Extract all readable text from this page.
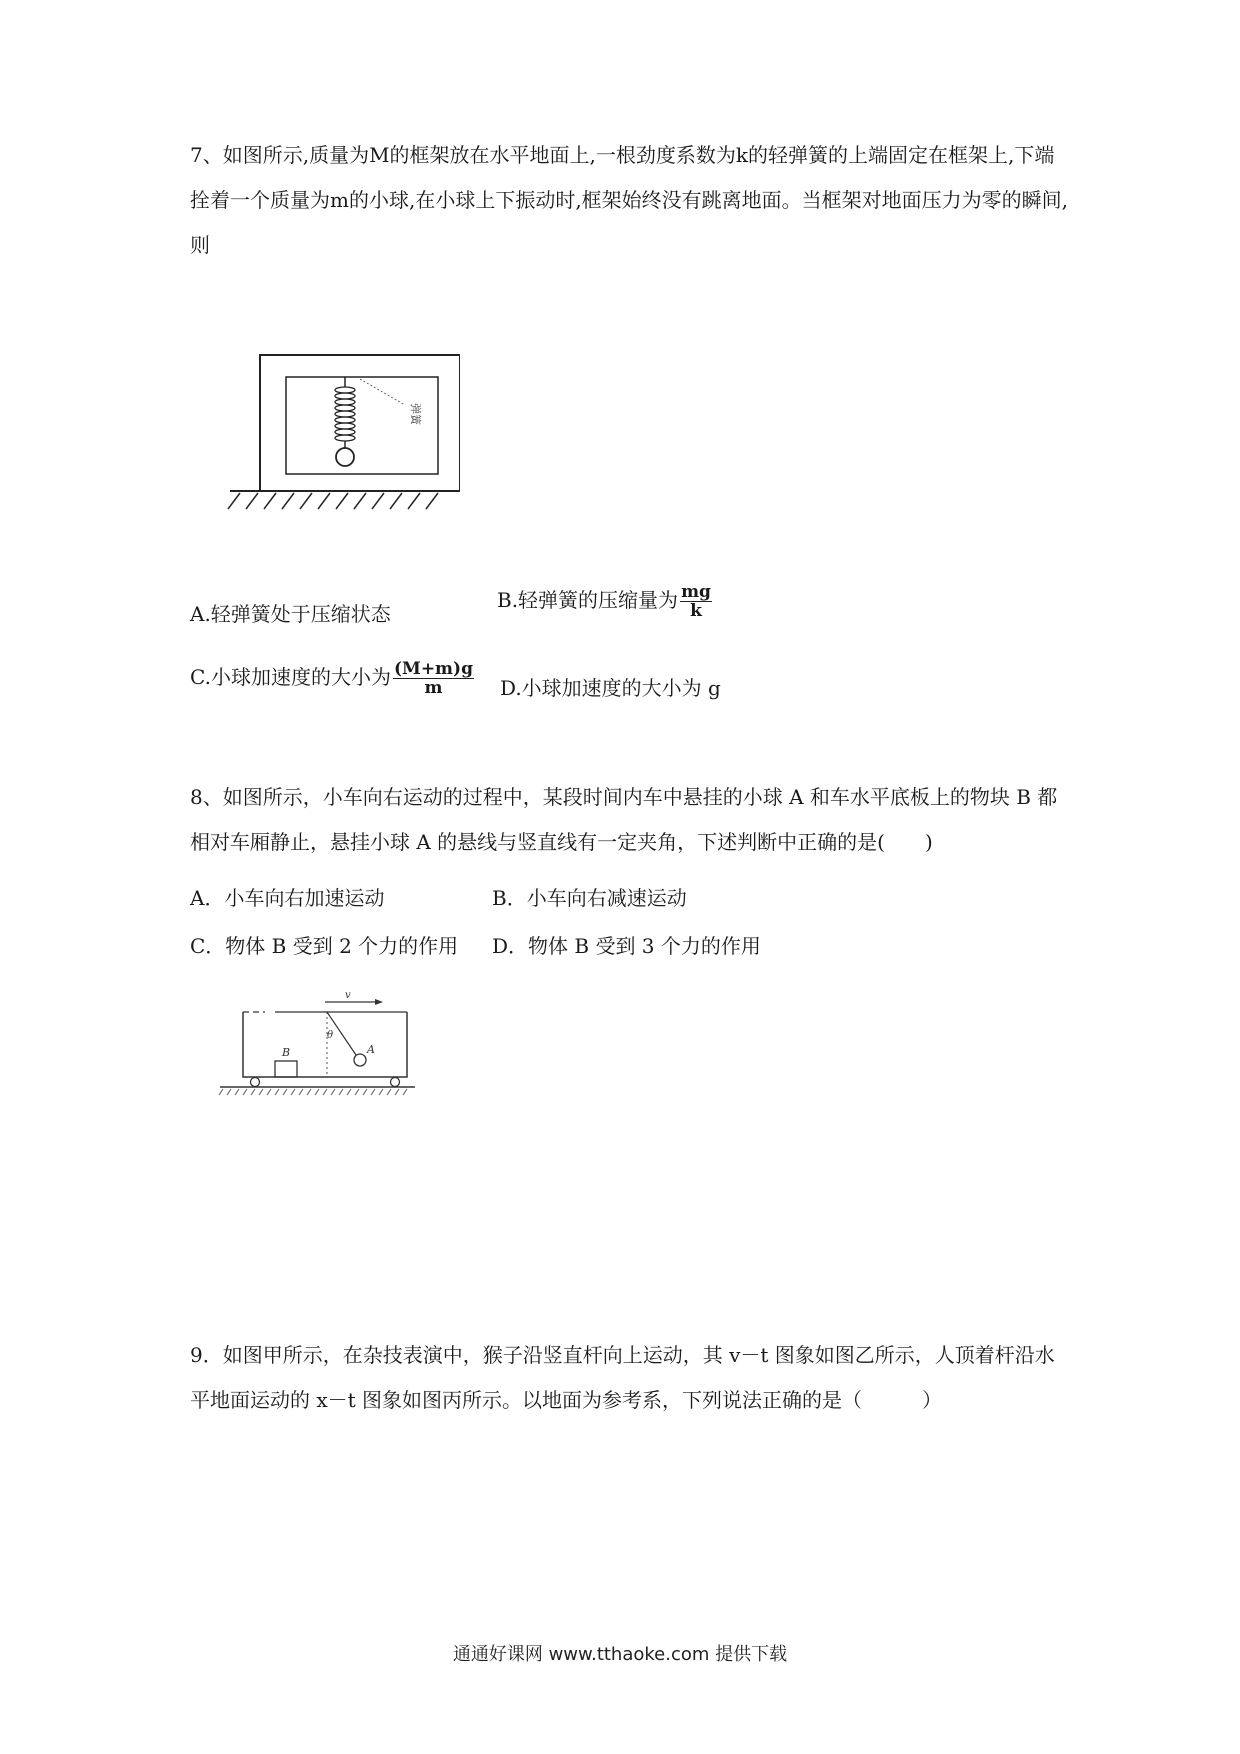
7、如图所示,质量为M的框架放在水平地面上,一根劲度系数为k的轻弹簧的上端固定在框架上,下端拴着一个质量为m的小球,在小球上下振动时,框架始终没有跳离地面。当框架对地面压力为零的瞬间,则
弹簧
A.轻弹簧处于压缩状态
B.轻弹簧的压缩量为 $\frac{mg}{k}$
C.小球加速度的大小为 $\frac{(M+m)g}{m} D$.小球加速度的大小为 g
8、如图所示，小车向右运动的过程中，某段时间内车中悬挂的小球 A 和车水平底板上的物块 B 都相对车厢静止，悬挂小球 A 的悬线与竖直线有一定夹角，下述判断中正确的是(　　)
A．小车向右加速运动	B．小车向右减速运动
C．物体 B 受到 2 个力的作用 D．物体 B 受到 3 个力的作用
v
θ
A
B
9．如图甲所示，在杂技表演中，猴子沿竖直杆向上运动，其 v－t 图象如图乙所示，人顶着杆沿水平地面运动的 x－t 图象如图丙所示。以地面为参考系，下列说法正确的是（　　　）
通通好课网 www.tthaoke.com 提供下载
